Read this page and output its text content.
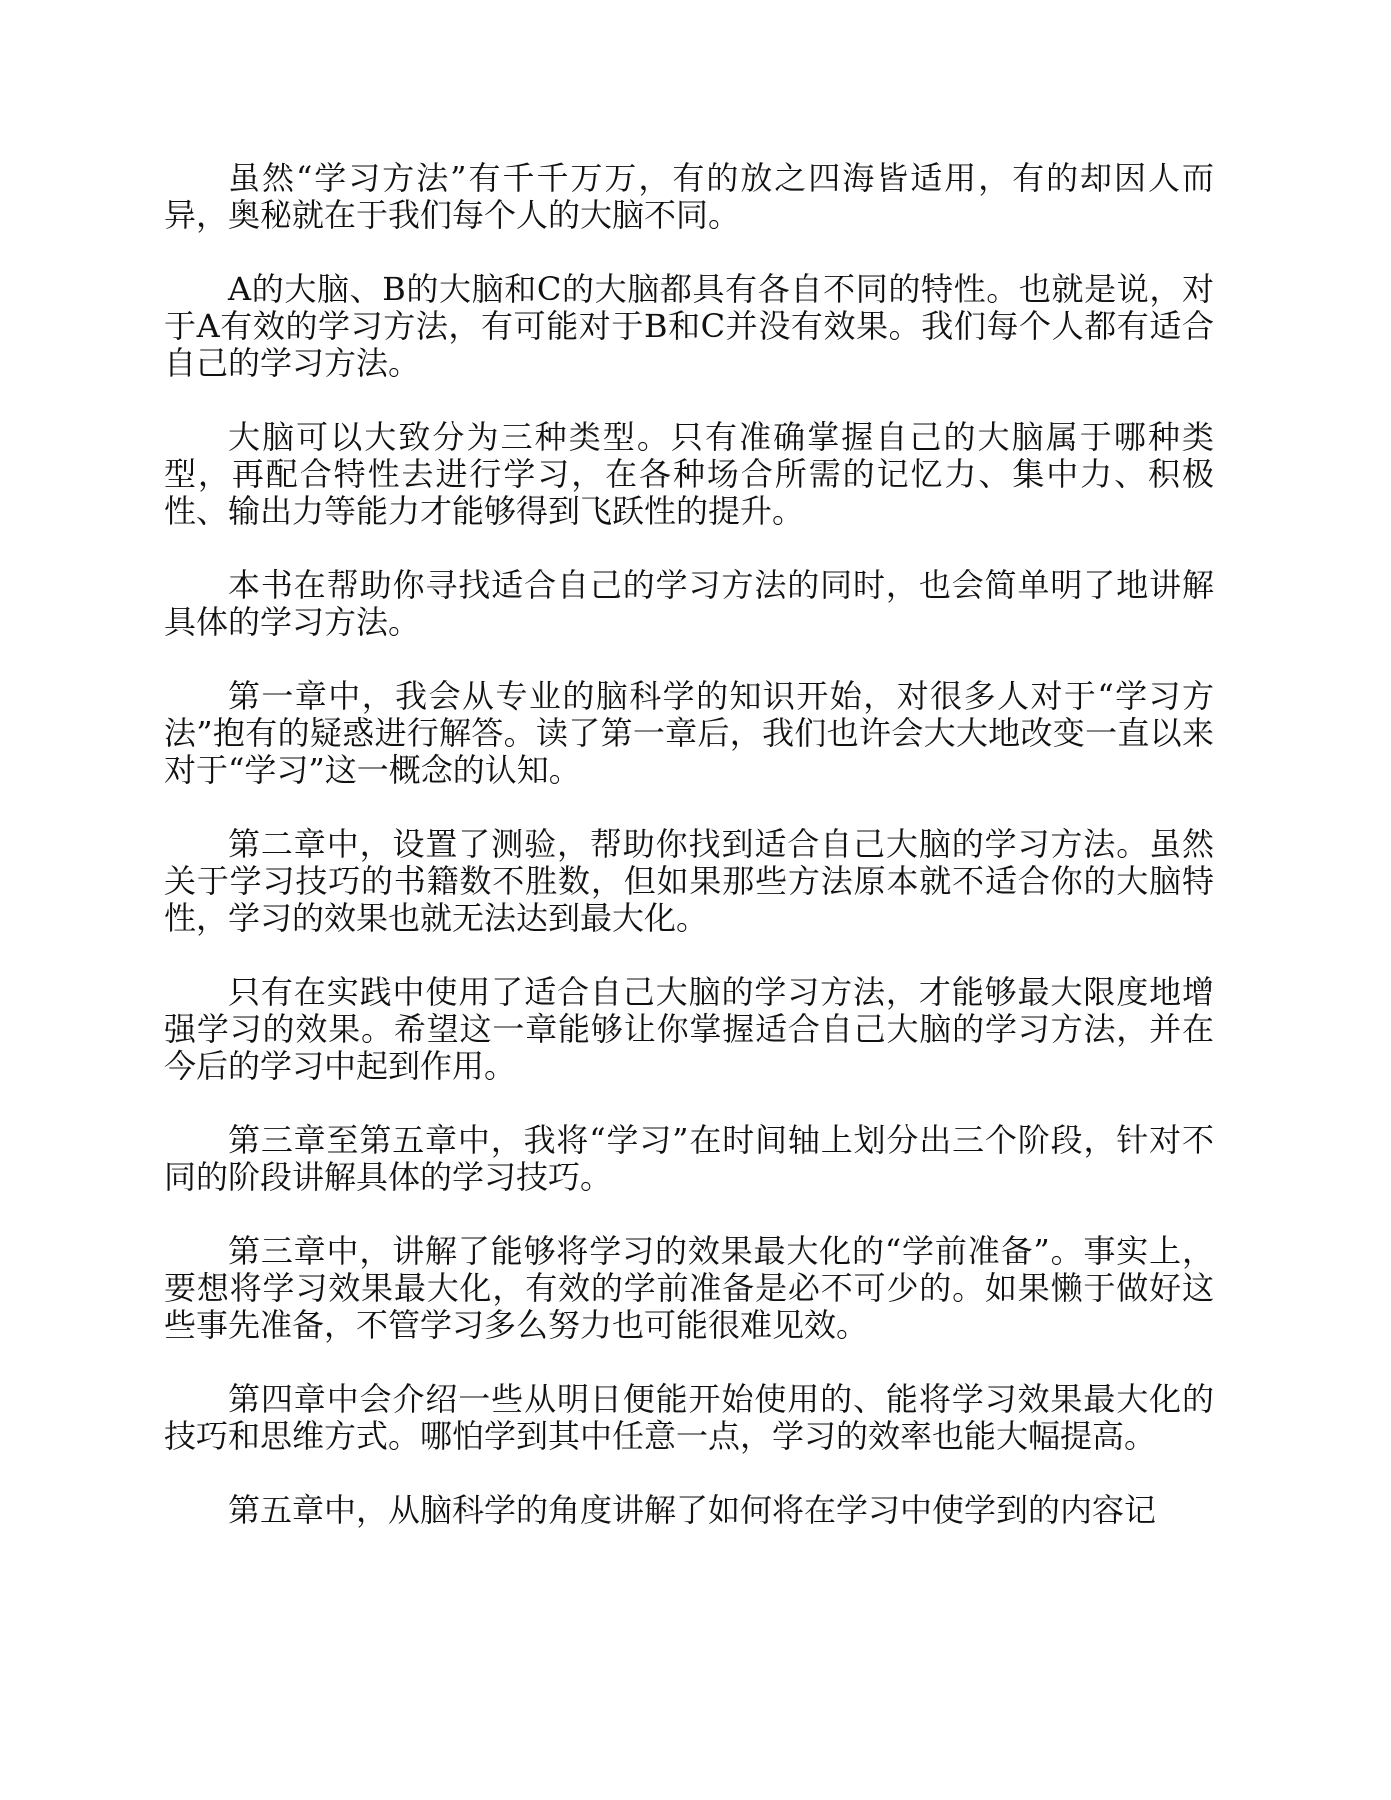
虽然“学习方法”有千千万万，有的放之四海皆适用，有的却因人而异，奥秘就在于我们每个人的大脑不同。

A的大脑、B的大脑和C的大脑都具有各自不同的特性。也就是说，对于A有效的学习方法，有可能对于B和C并没有效果。我们每个人都有适合自己的学习方法。

大脑可以大致分为三种类型。只有准确掌握自己的大脑属于哪种类型，再配合特性去进行学习，在各种场合所需的记忆力、集中力、积极性、输出力等能力才能够得到飞跃性的提升。

本书在帮助你寻找适合自己的学习方法的同时，也会简单明了地讲解具体的学习方法。

第一章中，我会从专业的脑科学的知识开始，对很多人对于“学习方法”抱有的疑惑进行解答。读了第一章后，我们也许会大大地改变一直以来对于“学习”这一概念的认知。

第二章中，设置了测验，帮助你找到适合自己大脑的学习方法。虽然关于学习技巧的书籍数不胜数，但如果那些方法原本就不适合你的大脑特性，学习的效果也就无法达到最大化。

只有在实践中使用了适合自己大脑的学习方法，才能够最大限度地增强学习的效果。希望这一章能够让你掌握适合自己大脑的学习方法，并在今后的学习中起到作用。

第三章至第五章中，我将“学习”在时间轴上划分出三个阶段，针对不同的阶段讲解具体的学习技巧。

第三章中，讲解了能够将学习的效果最大化的“学前准备”。事实上，要想将学习效果最大化，有效的学前准备是必不可少的。如果懒于做好这些事先准备，不管学习多么努力也可能很难见效。

第四章中会介绍一些从明日便能开始使用的、能将学习效果最大化的技巧和思维方式。哪怕学到其中任意一点，学习的效率也能大幅提高。

第五章中，从脑科学的角度讲解了如何将在学习中使学到的内容记
